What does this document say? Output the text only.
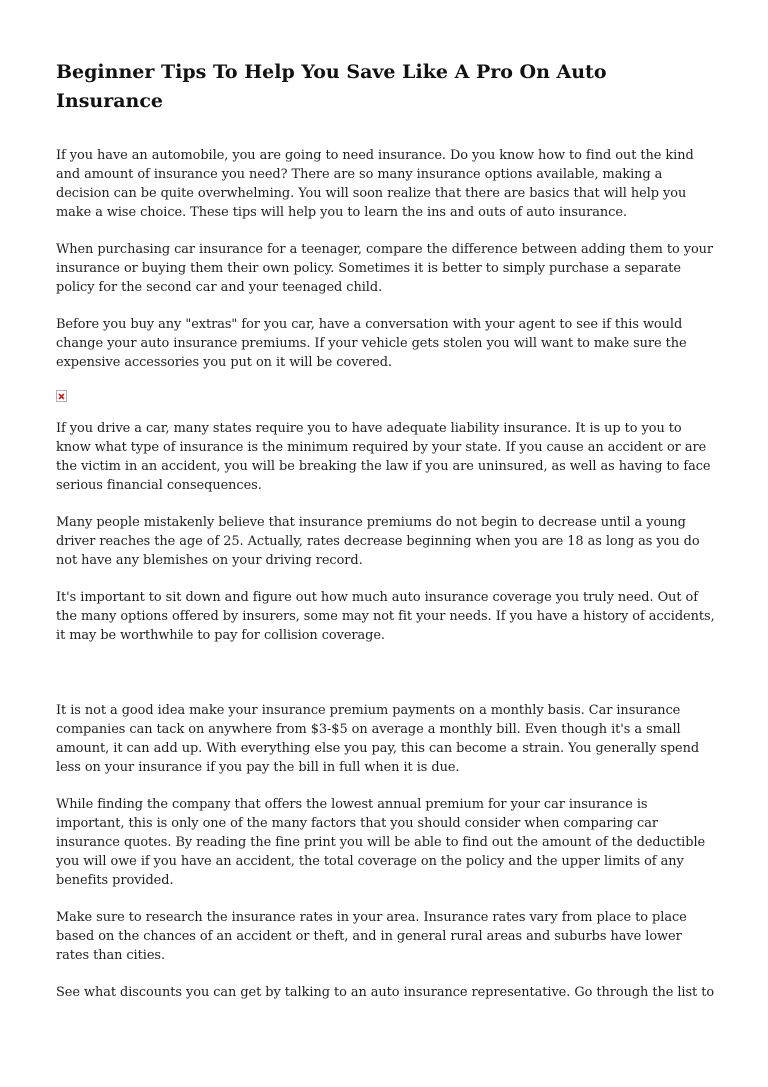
Beginner Tips To Help You Save Like A Pro On Auto Insurance

If you have an automobile, you are going to need insurance. Do you know how to find out the kind and amount of insurance you need? There are so many insurance options available, making a decision can be quite overwhelming. You will soon realize that there are basics that will help you make a wise choice. These tips will help you to learn the ins and outs of auto insurance.

When purchasing car insurance for a teenager, compare the difference between adding them to your insurance or buying them their own policy. Sometimes it is better to simply purchase a separate policy for the second car and your teenaged child.

Before you buy any "extras" for you car, have a conversation with your agent to see if this would change your auto insurance premiums. If your vehicle gets stolen you will want to make sure the expensive accessories you put on it will be covered.

If you drive a car, many states require you to have adequate liability insurance. It is up to you to know what type of insurance is the minimum required by your state. If you cause an accident or are the victim in an accident, you will be breaking the law if you are uninsured, as well as having to face serious financial consequences.

Many people mistakenly believe that insurance premiums do not begin to decrease until a young driver reaches the age of 25. Actually, rates decrease beginning when you are 18 as long as you do not have any blemishes on your driving record.

It's important to sit down and figure out how much auto insurance coverage you truly need. Out of the many options offered by insurers, some may not fit your needs. If you have a history of accidents, it may be worthwhile to pay for collision coverage.

It is not a good idea make your insurance premium payments on a monthly basis. Car insurance companies can tack on anywhere from $3-$5 on average a monthly bill. Even though it's a small amount, it can add up. With everything else you pay, this can become a strain. You generally spend less on your insurance if you pay the bill in full when it is due.

While finding the company that offers the lowest annual premium for your car insurance is important, this is only one of the many factors that you should consider when comparing car insurance quotes. By reading the fine print you will be able to find out the amount of the deductible you will owe if you have an accident, the total coverage on the policy and the upper limits of any benefits provided.

Make sure to research the insurance rates in your area. Insurance rates vary from place to place based on the chances of an accident or theft, and in general rural areas and suburbs have lower rates than cities.

See what discounts you can get by talking to an auto insurance representative. Go through the list to
